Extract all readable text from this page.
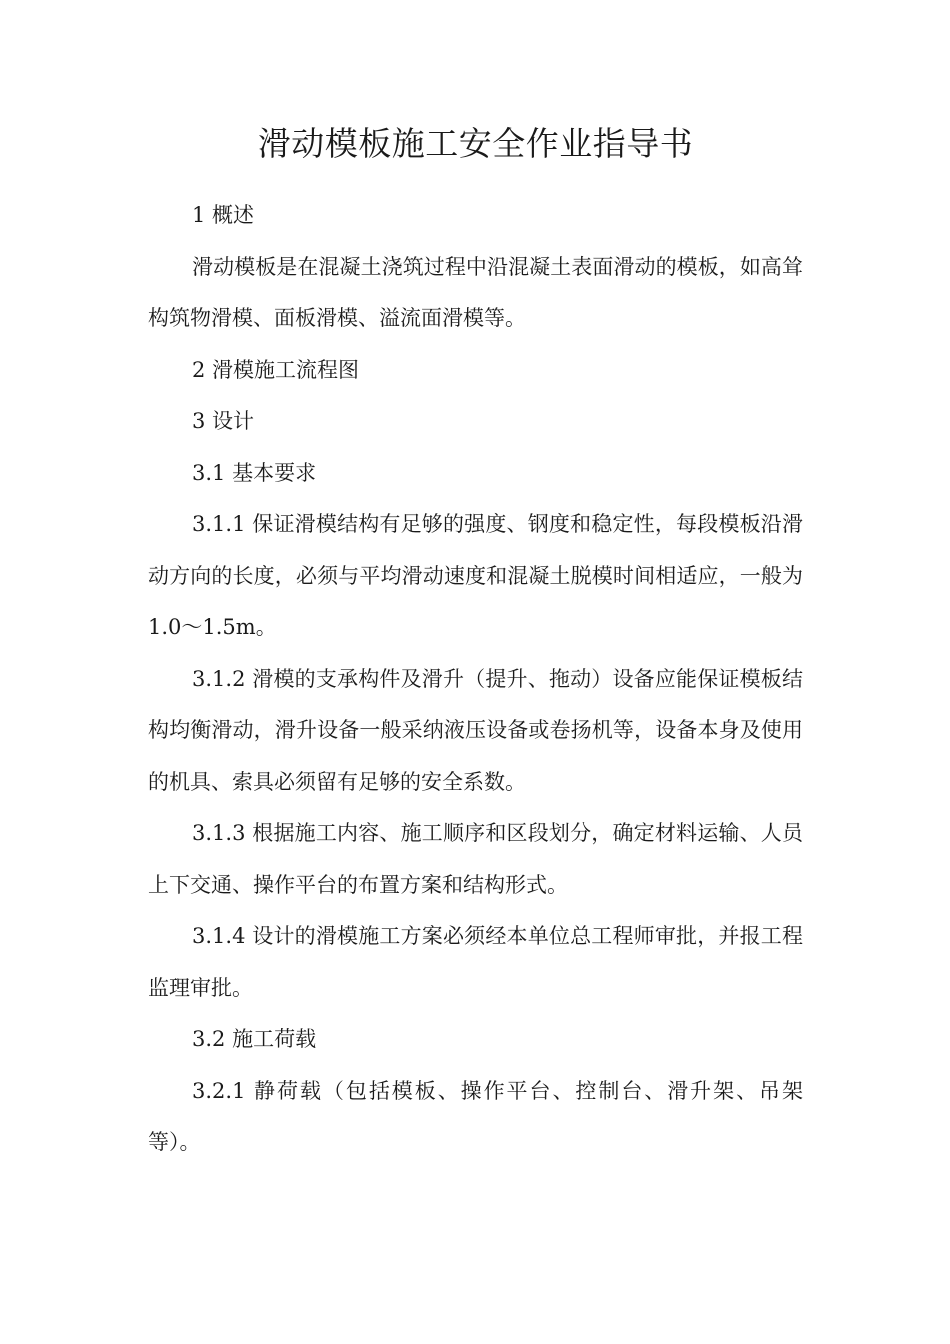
滑动模板施工安全作业指导书

1 概述

滑动模板是在混凝土浇筑过程中沿混凝土表面滑动的模板，如高耸构筑物滑模、面板滑模、溢流面滑模等。

2 滑模施工流程图

3 设计

3.1 基本要求

3.1.1 保证滑模结构有足够的强度、钢度和稳定性，每段模板沿滑动方向的长度，必须与平均滑动速度和混凝土脱模时间相适应，一般为 1.0～1.5m。

3.1.2 滑模的支承构件及滑升（提升、拖动）设备应能保证模板结构均衡滑动，滑升设备一般采纳液压设备或卷扬机等，设备本身及使用的机具、索具必须留有足够的安全系数。

3.1.3 根据施工内容、施工顺序和区段划分，确定材料运输、人员上下交通、操作平台的布置方案和结构形式。

3.1.4 设计的滑模施工方案必须经本单位总工程师审批，并报工程监理审批。

3.2 施工荷载

3.2.1 静荷载（包括模板、操作平台、控制台、滑升架、吊架等）。
